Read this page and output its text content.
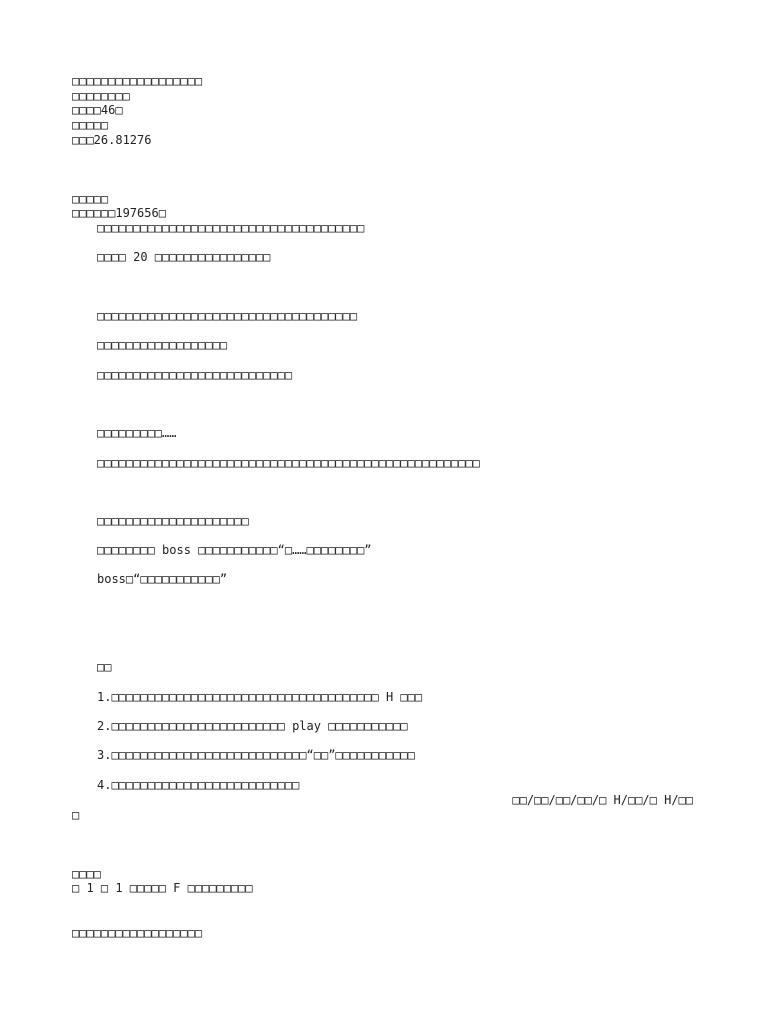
□□□□□□□□□□□□□□□□□□

□□□□□□□□

□□□□46□

□□□□□

□□□26.81276

□□□□□

□□□□□□197656□

□□□□□□□□□□□□□□□□□□□□□□□□□□□□□□□□□□□□□

□□□□ 20 □□□□□□□□□□□□□□□□

□□□□□□□□□□□□□□□□□□□□□□□□□□□□□□□□□□□□

□□□□□□□□□□□□□□□□□□

□□□□□□□□□□□□□□□□□□□□□□□□□□□

□□□□□□□□□……

□□□□□□□□□□□□□□□□□□□□□□□□□□□□□□□□□□□□□□□□□□□□□□□□□□□□□

□□□□□□□□□□□□□□□□□□□□□

□□□□□□□□ boss □□□□□□□□□□□“□……□□□□□□□□”

boss□“□□□□□□□□□□□”

□□

1.□□□□□□□□□□□□□□□□□□□□□□□□□□□□□□□□□□□□□ H □□□

2.□□□□□□□□□□□□□□□□□□□□□□□□ play □□□□□□□□□□□

3.□□□□□□□□□□□□□□□□□□□□□□□□□□□“□□”□□□□□□□□□□□

4.□□□□□□□□□□□□□□□□□□□□□□□□□□

□□/□□/□□/□□/□ H/□□/□ H/□□

□

□□□□

□ 1 □ 1 □□□□□ F □□□□□□□□□

□□□□□□□□□□□□□□□□□□
